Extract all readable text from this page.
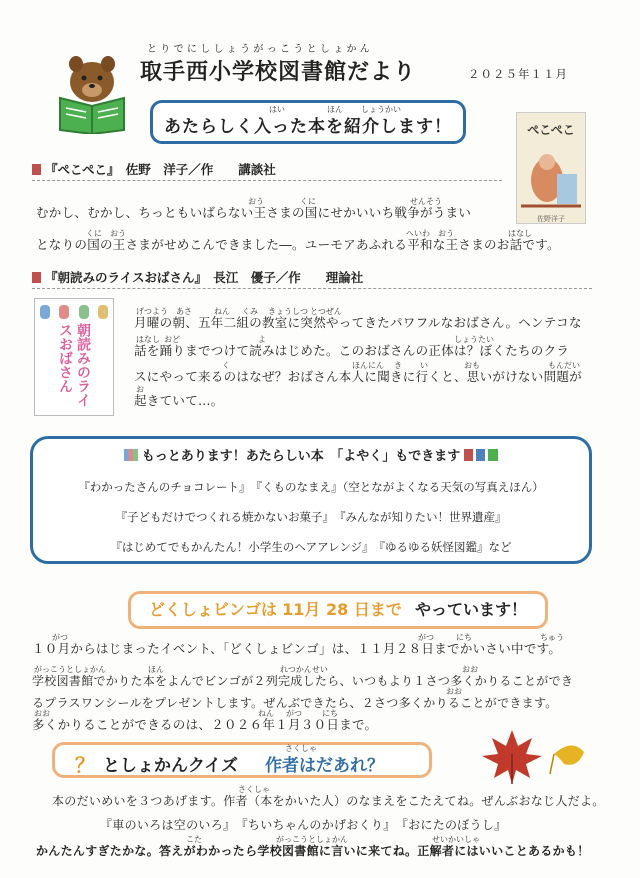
とりでにししょうがっこうとしょかん
取手西小学校図書館だより	２０２５年１１月
はい	ほん しょうかい
あたらしく入った本を紹介します！	ぺこぺこ
佐野洋子
『ぺこぺこ』　佐野　洋子／作　　講談社
おう	くに	せんそう
むかし、むかし、ちっともいばらない王さまの国にせかいいち戦争がうまい
くに おう	へいわ おう	はなし
となりの国の王さまがせめこんできました―。ユーモアあふれる平和な王さまのお話です。
『朝読みのライスおばさん』　長江　優子／作　　理論社
朝読みのライスおばさん
げつよう あさ	ねん くみ きょうしつ とつぜん
月曜の朝、五年二組の教室に突然やってきたパワフルなおばさん。ヘンテコな
はなし おど	よ	しょうたい
話を踊りまでつけて読みはじめた。このおばさんの正体は？ぼくたちのクラ
く	ほんにん き い	おも	もんだい
スにやって来るのはなぜ？おばさん本人に聞きに行くと、思いがけない問題が
お
起きていて…。
もっとあります！あたらしい本　「よやく」もできます
『わかったさんのチョコレート』　『くものなまえ』（空とながよくなる天気の写真えほん）
『子どもだけでつくれる焼かないお菓子』　『みんなが知りたい！世界遺産』
『はじめてでもかんたん！小学生のヘアアレンジ』　『ゆるゆる妖怪図鑑』など
どくしょビンゴは 11月 28 日まで やっています！
がつ	がつ	にち	ちゅう
１０月からはじまったイベント、「どくしょビンゴ」は、１１月２８日までかいさい中です。
がっこうとしょかん	ほん	れつかんせい	おお
学校図書館でかりた本をよんでビンゴが２列完成したら、いつもより１さつ多くかりることができ
おお
るプラスワンシールをプレゼントします。ぜんぶできたら、２さつ多くかりることができます。
おお	ねん がつ	にち
多くかりることができるのは、２０２６年１月３０日まで。
？ としょかんクイズ
さくしゃ
作者はだあれ？
さくしゃ
本のだいめいを３つあげます。作者（本をかいた人）のなまえをこたえてね。ぜんぶおなじ人だよ。
『車のいろは空のいろ』　『ちいちゃんのかげおくり』　『おにたのぼうし』
こた	がっこうとしょかん	せいかいしゃ
かんたんすぎたかな。答えがわかったら学校図書館に言いに来てね。正解者にはいいことあるかも！
